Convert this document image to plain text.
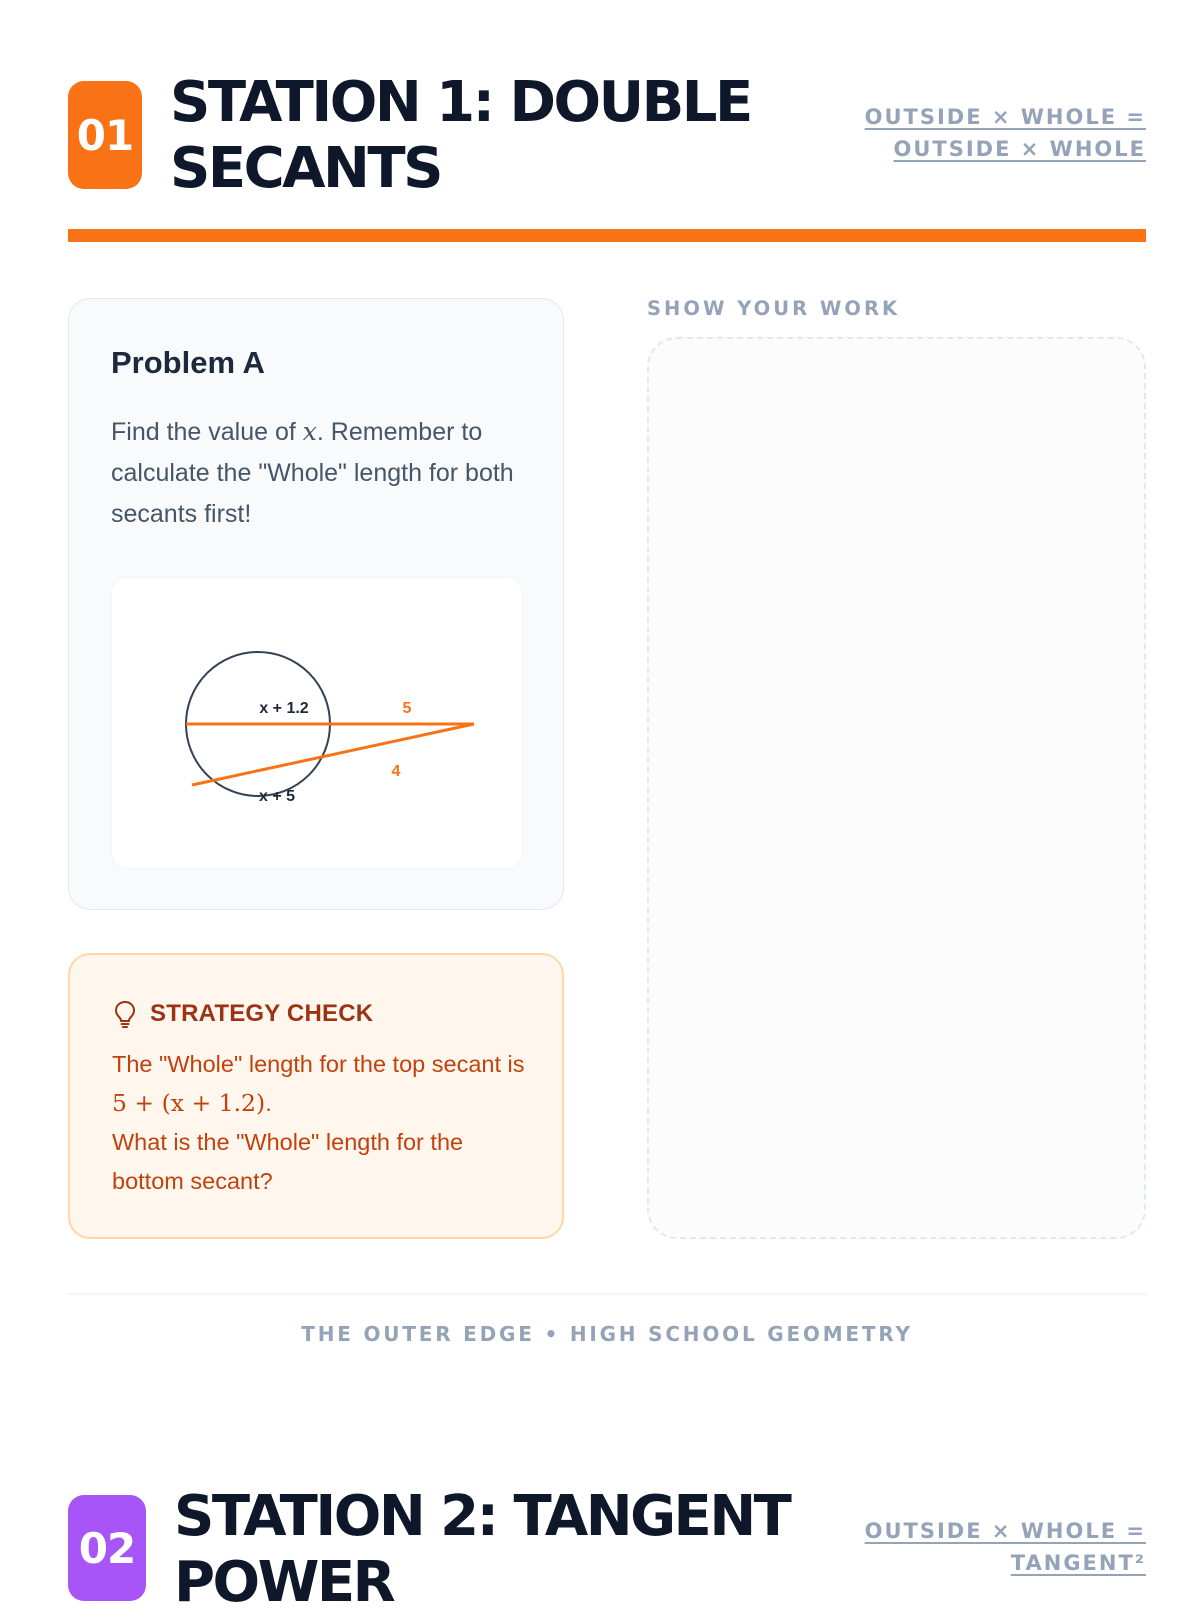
01 STATION 1: DOUBLE
SECANTS
OUTSIDE × WHOLE =
OUTSIDE × WHOLE
Problem A
Find the value of x. Remember to calculate the "Whole" length for both secants first!
x + 1.2	5
4
x + 5
STRATEGY CHECK
The "Whole" length for the top secant is 5 + (x + 1.2).
What is the "Whole" length for the bottom secant?
SHOW YOUR WORK
THE OUTER EDGE • HIGH SCHOOL GEOMETRY
02 STATION 2: TANGENT
POWER
OUTSIDE × WHOLE =
TANGENT²
